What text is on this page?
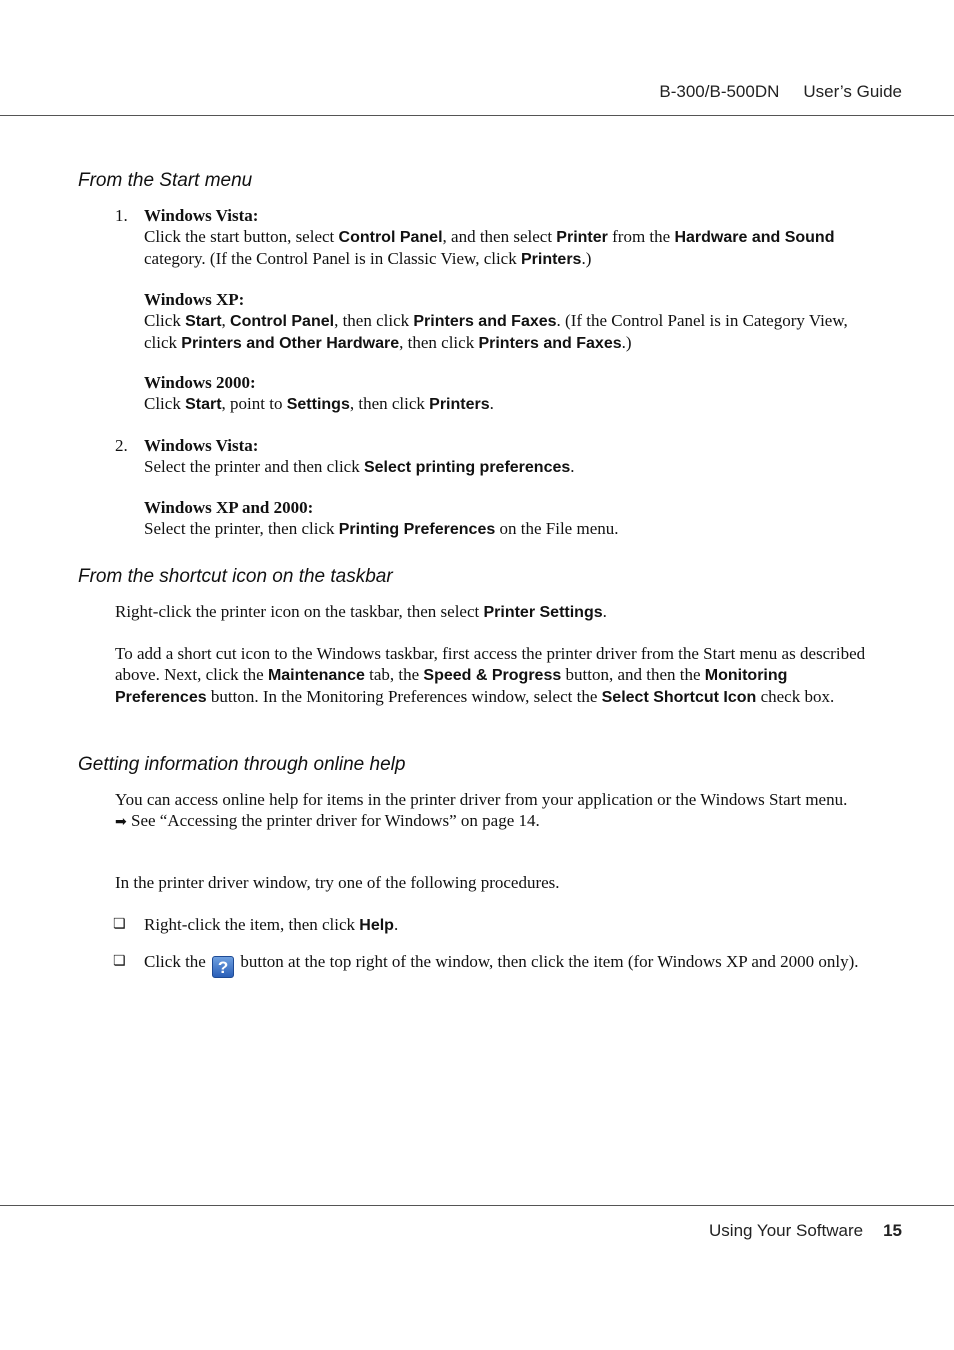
B-300/B-500DN User’s Guide
From the Start menu
1. Windows Vista:
Click the start button, select Control Panel, and then select Printer from the Hardware and Sound category. (If the Control Panel is in Classic View, click Printers.)
Windows XP:
Click Start, Control Panel, then click Printers and Faxes. (If the Control Panel is in Category View, click Printers and Other Hardware, then click Printers and Faxes.)
Windows 2000:
Click Start, point to Settings, then click Printers.
2. Windows Vista:
Select the printer and then click Select printing preferences.
Windows XP and 2000:
Select the printer, then click Printing Preferences on the File menu.
From the shortcut icon on the taskbar
Right-click the printer icon on the taskbar, then select Printer Settings.
To add a short cut icon to the Windows taskbar, first access the printer driver from the Start menu as described above. Next, click the Maintenance tab, the Speed & Progress button, and then the Monitoring Preferences button. In the Monitoring Preferences window, select the Select Shortcut Icon check box.
Getting information through online help
You can access online help for items in the printer driver from your application or the Windows Start menu.
➡ See “Accessing the printer driver for Windows” on page 14.
In the printer driver window, try one of the following procedures.
❏ Right-click the item, then click Help.
❏ Click the ? button at the top right of the window, then click the item (for Windows XP and 2000 only).
Using Your Software 15
